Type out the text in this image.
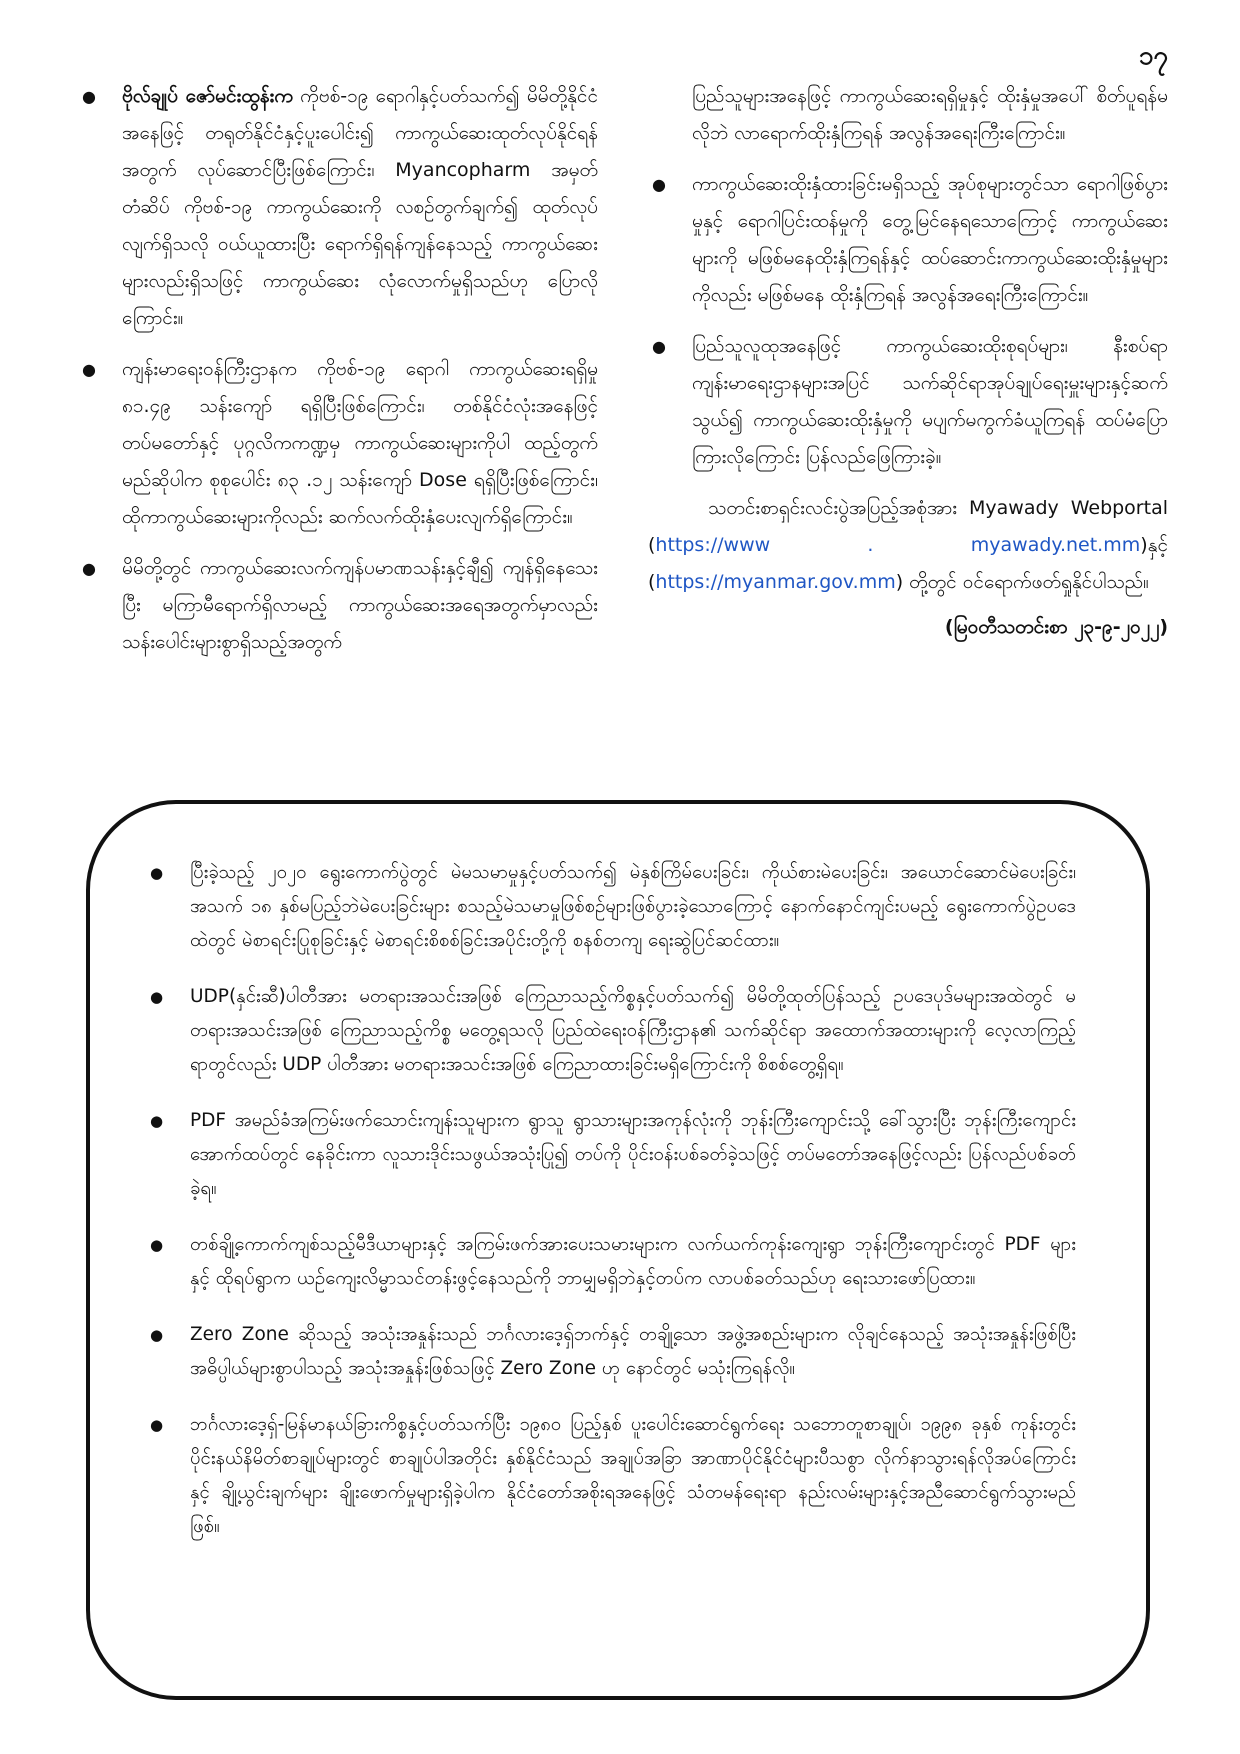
၁၇
● ဗိုလ်ချုပ် ဇော်မင်းထွန်းက ကိုဗစ်-၁၉ ရောဂါနှင့်ပတ်သက်၍ မိမိတို့နိုင်ငံအနေဖြင့် တရုတ်နိုင်ငံနှင့်ပူးပေါင်း၍ ကာကွယ်ဆေးထုတ်လုပ်နိုင်ရန်အတွက် လုပ်ဆောင်ပြီးဖြစ်ကြောင်း၊ Myancopharm အမှတ်တံဆိပ် ကိုဗစ်-၁၉ ကာကွယ်ဆေးကို လစဉ်တွက်ချက်၍ ထုတ်လုပ်လျက်ရှိသလို ဝယ်ယူထားပြီး ရောက်ရှိရန်ကျန်နေသည့် ကာကွယ်ဆေးများလည်းရှိသဖြင့် ကာကွယ်ဆေး လုံလောက်မှုရှိသည်ဟု ပြောလိုကြောင်း။
● ကျန်းမာရေးဝန်ကြီးဌာနက ကိုဗစ်-၁၉ ရောဂါ ကာကွယ်ဆေးရရှိမှု ၈၁.၄၉ သန်းကျော် ရရှိပြီးဖြစ်ကြောင်း၊ တစ်နိုင်ငံလုံးအနေဖြင့် တပ်မတော်နှင့် ပုဂ္ဂလိကကဏ္ဍမှ ကာကွယ်ဆေးများကိုပါ ထည့်တွက်မည်ဆိုပါက စုစုပေါင်း ၈၃ .၁၂ သန်းကျော် Dose ရရှိပြီးဖြစ်ကြောင်း၊ ထိုကာကွယ်ဆေးများကိုလည်း ဆက်လက်ထိုးနှံပေးလျက်ရှိကြောင်း။
● မိမိတို့တွင် ကာကွယ်ဆေးလက်ကျန်ပမာဏသန်းနှင့်ချီ၍ ကျန်ရှိနေသေးပြီး မကြာမီရောက်ရှိလာမည့် ကာကွယ်ဆေးအရေအတွက်မှာလည်း သန်းပေါင်းများစွာရှိသည့်အတွက်
ပြည်သူများအနေဖြင့် ကာကွယ်ဆေးရရှိမှုနှင့် ထိုးနှံမှုအပေါ် စိတ်ပူရန်မလိုဘဲ လာရောက်ထိုးနှံကြရန် အလွန်အရေးကြီးကြောင်း။
● ကာကွယ်ဆေးထိုးနှံထားခြင်းမရှိသည့် အုပ်စုများတွင်သာ ရောဂါဖြစ်ပွားမှုနှင့် ရောဂါပြင်းထန်မှုကို တွေ့မြင်နေရသောကြောင့် ကာကွယ်ဆေးများကို မဖြစ်မနေထိုးနှံကြရန်နှင့် ထပ်ဆောင်းကာကွယ်ဆေးထိုးနှံမှုများကိုလည်း မဖြစ်မနေ ထိုးနှံကြရန် အလွန်အရေးကြီးကြောင်း။
● ပြည်သူလူထုအနေဖြင့် ကာကွယ်ဆေးထိုးစုရပ်များ၊ နီးစပ်ရာ ကျန်းမာရေးဌာနများအပြင် သက်ဆိုင်ရာအုပ်ချုပ်ရေးမှူးများနှင့်ဆက်သွယ်၍ ကာကွယ်ဆေးထိုးနှံမှုကို မပျက်မကွက်ခံယူကြရန် ထပ်မံပြောကြားလိုကြောင်း ပြန်လည်ဖြေကြားခဲ့။
သတင်းစာရှင်းလင်းပွဲအပြည့်အစုံအား Myawady Webportal (https://www . myawady.net.mm)နှင့် (https://myanmar.gov.mm) တို့တွင် ဝင်ရောက်ဖတ်ရှုနိုင်ပါသည်။
(မြဝတီသတင်းစာ ၂၃-၉-၂၀၂၂)
● ပြီးခဲ့သည့် ၂၀၂၀ ရွေးကောက်ပွဲတွင် မဲမသမာမှုနှင့်ပတ်သက်၍ မဲနှစ်ကြိမ်ပေးခြင်း၊ ကိုယ်စားမဲပေးခြင်း၊ အယောင်ဆောင်မဲပေးခြင်း၊ အသက် ၁၈ နှစ်မပြည့်ဘဲမဲပေးခြင်းများ စသည့်မဲသမာမှုဖြစ်စဉ်များဖြစ်ပွားခဲ့သောကြောင့် နောက်နောင်ကျင်းပမည့် ရွေးကောက်ပွဲဥပဒေထဲတွင် မဲစာရင်းပြုစုခြင်းနှင့် မဲစာရင်းစိစစ်ခြင်းအပိုင်းတို့ကို စနစ်တကျ ရေးဆွဲပြင်ဆင်ထား။
● UDP(နှင်းဆီ)ပါတီအား မတရားအသင်းအဖြစ် ကြေညာသည့်ကိစ္စနှင့်ပတ်သက်၍ မိမိတို့ထုတ်ပြန်သည့် ဥပဒေပုဒ်မများအထဲတွင် မတရားအသင်းအဖြစ် ကြေညာသည့်ကိစ္စ မတွေ့ရသလို ပြည်ထဲရေးဝန်ကြီးဌာန၏ သက်ဆိုင်ရာ အထောက်အထားများကို လေ့လာကြည့်ရာတွင်လည်း UDP ပါတီအား မတရားအသင်းအဖြစ် ကြေညာထားခြင်းမရှိကြောင်းကို စိစစ်တွေ့ရှိရ။
● PDF အမည်ခံအကြမ်းဖက်သောင်းကျန်းသူများက ရွာသူ ရွာသားများအကုန်လုံးကို ဘုန်းကြီးကျောင်းသို့ ခေါ်သွားပြီး ဘုန်းကြီးကျောင်းအောက်ထပ်တွင် နေခိုင်းကာ လူသားဒိုင်းသဖွယ်အသုံးပြု၍ တပ်ကို ပိုင်းဝန်းပစ်ခတ်ခဲ့သဖြင့် တပ်မတော်အနေဖြင့်လည်း ပြန်လည်ပစ်ခတ်ခဲ့ရ။
● တစ်ချို့ကောက်ကျစ်သည့်မီဒီယာများနှင့် အကြမ်းဖက်အားပေးသမားများက လက်ယက်ကုန်းကျေးရွာ ဘုန်းကြီးကျောင်းတွင် PDF များနှင့် ထိုရပ်ရွာက ယဉ်ကျေးလိမ္မာသင်တန်းဖွင့်နေသည်ကို ဘာမျှမရှိဘဲနှင့်တပ်က လာပစ်ခတ်သည်ဟု ရေးသားဖော်ပြထား။
● Zero Zone ဆိုသည့် အသုံးအနှုန်းသည် ဘင်္ဂလားဒေ့ရှ်ဘက်နှင့် တချို့သော အဖွဲ့အစည်းများက လိုချင်နေသည့် အသုံးအနှုန်းဖြစ်ပြီး အဓိပ္ပါယ်များစွာပါသည့် အသုံးအနှုန်းဖြစ်သဖြင့် Zero Zone ဟု နောင်တွင် မသုံးကြရန်လို။
● ဘင်္ဂလားဒေ့ရှ်-မြန်မာနယ်ခြားကိစ္စနှင့်ပတ်သက်ပြီး ၁၉၈၀ ပြည့်နှစ် ပူးပေါင်းဆောင်ရွက်ရေး သဘောတူစာချုပ်၊ ၁၉၉၈ ခုနှစ် ကုန်းတွင်းပိုင်းနယ်နိမိတ်စာချုပ်များတွင် စာချုပ်ပါအတိုင်း နှစ်နိုင်ငံသည် အချုပ်အခြာ အာဏာပိုင်နိုင်ငံများပီသစွာ လိုက်နာသွားရန်လိုအပ်ကြောင်းနှင့် ချို့ယွင်းချက်များ ချိုးဖောက်မှုများရှိခဲ့ပါက နိုင်ငံတော်အစိုးရအနေဖြင့် သံတမန်ရေးရာ နည်းလမ်းများနှင့်အညီဆောင်ရွက်သွားမည်ဖြစ်။
